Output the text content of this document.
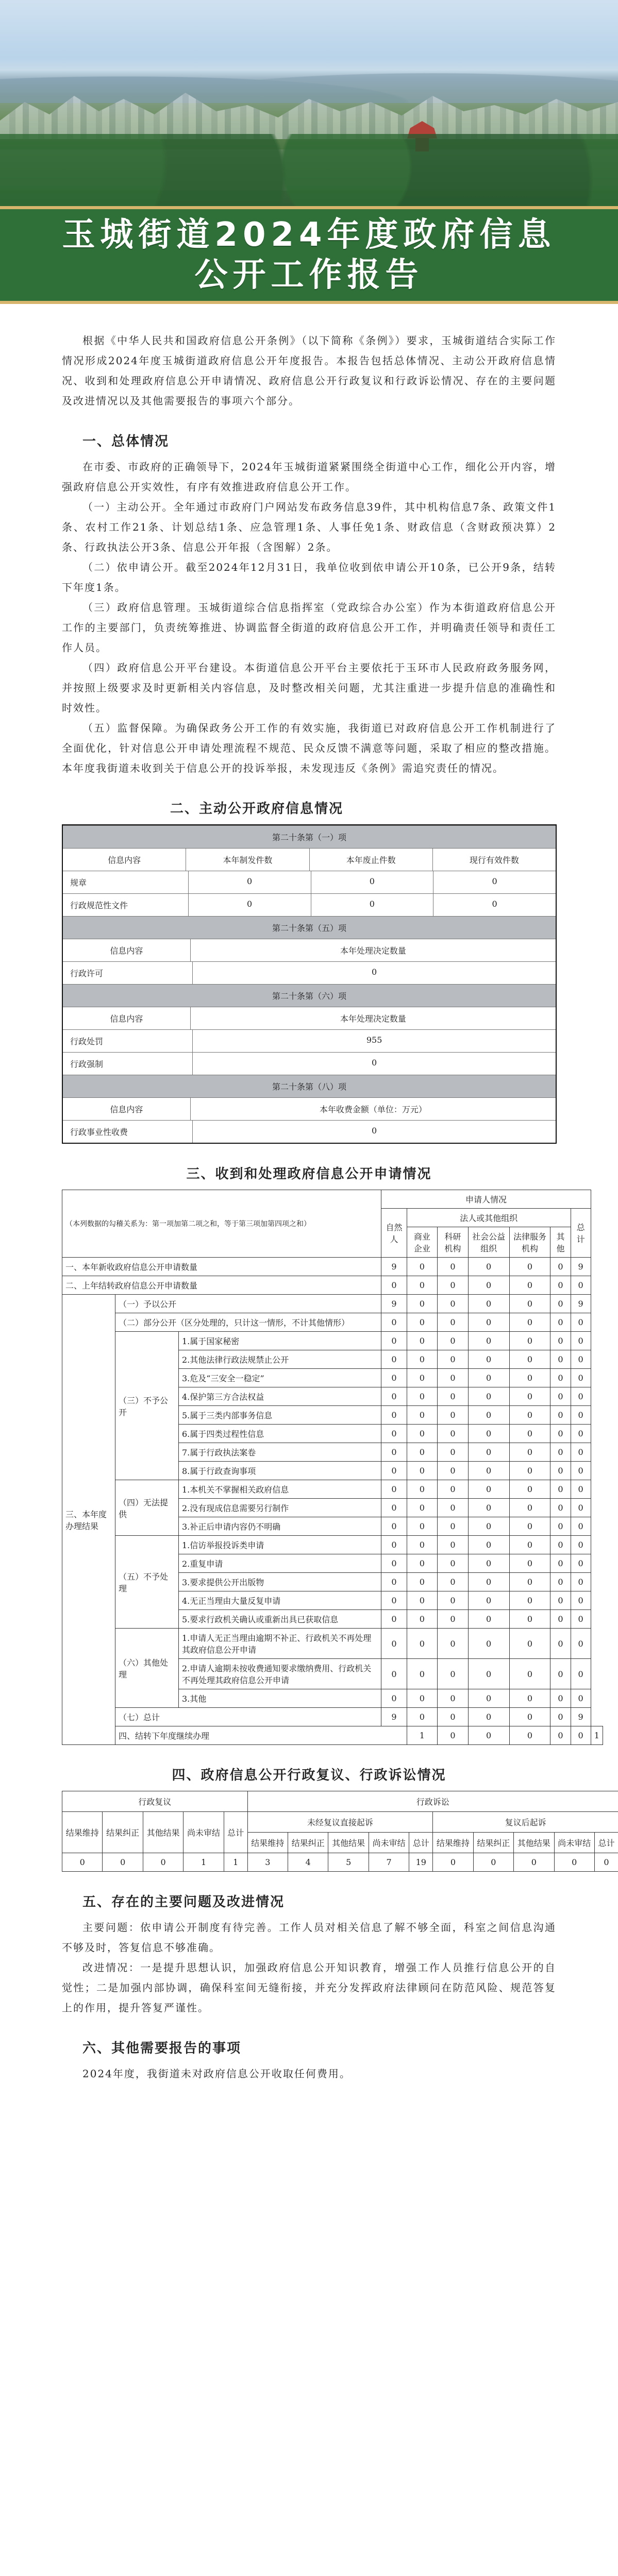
玉城街道2024年度政府信息
公开工作报告

根据《中华人民共和国政府信息公开条例》（以下简称《条例》）要求，玉城街道结合实际工作情况形成2024年度玉城街道政府信息公开年度报告。本报告包括总体情况、主动公开政府信息情况、收到和处理政府信息公开申请情况、政府信息公开行政复议和行政诉讼情况、存在的主要问题及改进情况以及其他需要报告的事项六个部分。

一、总体情况

在市委、市政府的正确领导下，2024年玉城街道紧紧围绕全街道中心工作，细化公开内容，增强政府信息公开实效性，有序有效推进政府信息公开工作。

（一）主动公开。全年通过市政府门户网站发布政务信息39件，其中机构信息7条、政策文件1条、农村工作21条、计划总结1条、应急管理1条、人事任免1条、财政信息（含财政预决算）2条、行政执法公开3条、信息公开年报（含图解）2条。

（二）依申请公开。截至2024年12月31日，我单位收到依申请公开10条，已公开9条，结转下年度1条。

（三）政府信息管理。玉城街道综合信息指挥室（党政综合办公室）作为本街道政府信息公开工作的主要部门，负责统筹推进、协调监督全街道的政府信息公开工作，并明确责任领导和责任工作人员。

（四）政府信息公开平台建设。本街道信息公开平台主要依托于玉环市人民政府政务服务网，并按照上级要求及时更新相关内容信息，及时整改相关问题，尤其注重进一步提升信息的准确性和时效性。

（五）监督保障。为确保政务公开工作的有效实施，我街道已对政府信息公开工作机制进行了全面优化，针对信息公开申请处理流程不规范、民众反馈不满意等问题，采取了相应的整改措施。本年度我街道未收到关于信息公开的投诉举报，未发现违反《条例》需追究责任的情况。

二、主动公开政府信息情况
第二十条第（一）项
信息内容	本年制发件数	本年废止件数	现行有效件数
规章	0	0	0
行政规范性文件	0	0	0
第二十条第（五）项
信息内容	本年处理决定数量
行政许可	0
第二十条第（六）项
信息内容	本年处理决定数量
行政处罚	955
行政强制	0
第二十条第（八）项
信息内容	本年收费金额（单位：万元）
行政事业性收费	0
三、收到和处理政府信息公开申请情况
（本列数据的勾稽关系为：第一项加第二项之和，等于第三项加第四项之和）			申请人情况							
			自然人	法人或其他组织					总计	
				商业企业	科研机构	社会公益组织	法律服务机构	其他		
一、本年新收政府信息公开申请数量			9	0	0	0	0	0	9	
二、上年结转政府信息公开申请数量			0	0	0	0	0	0	0	
三、本年度办理结果	（一）予以公开		9	0	0	0	0	0	9	
	（二）部分公开（区分处理的，只计这一情形，不计其他情形）		0	0	0	0	0	0	0	
	（三）不予公开	1.属于国家秘密	0	0	0	0	0	0	0	
		2.其他法律行政法规禁止公开	0	0	0	0	0	0	0	
		3.危及“三安全一稳定”	0	0	0	0	0	0	0	
		4.保护第三方合法权益	0	0	0	0	0	0	0	
		5.属于三类内部事务信息	0	0	0	0	0	0	0	
		6.属于四类过程性信息	0	0	0	0	0	0	0	
		7.属于行政执法案卷	0	0	0	0	0	0	0	
		8.属于行政查询事项	0	0	0	0	0	0	0	
	（四）无法提供	1.本机关不掌握相关政府信息	0	0	0	0	0	0	0	
		2.没有现成信息需要另行制作	0	0	0	0	0	0	0	
		3.补正后申请内容仍不明确	0	0	0	0	0	0	0	
	（五）不予处理	1.信访举报投诉类申请	0	0	0	0	0	0	0	
		2.重复申请	0	0	0	0	0	0	0	
		3.要求提供公开出版物	0	0	0	0	0	0	0	
		4.无正当理由大量反复申请	0	0	0	0	0	0	0	
		5.要求行政机关确认或重新出具已获取信息	0	0	0	0	0	0	0	
	（六）其他处理	1.申请人无正当理由逾期不补正、行政机关不再处理其政府信息公开申请	0	0	0	0	0	0	0	
		2.申请人逾期未按收费通知要求缴纳费用、行政机关不再处理其政府信息公开申请	0	0	0	0	0	0	0	
		3.其他	0	0	0	0	0	0	0	
	（七）总计		9	0	0	0	0	0	9	
	四、结转下年度继续办理			1	0	0	0	0	0	1
四、政府信息公开行政复议、行政诉讼情况
行政复议					行政诉讼									
结果维持	结果纠正	其他结果	尚未审结	总计	未经复议直接起诉					复议后起诉				
					结果维持	结果纠正	其他结果	尚未审结	总计	结果维持	结果纠正	其他结果	尚未审结	总计
0	0	0	1	1	3	4	5	7	19	0	0	0	0	0
五、存在的主要问题及改进情况

主要问题：依申请公开制度有待完善。工作人员对相关信息了解不够全面，科室之间信息沟通不够及时，答复信息不够准确。

改进情况：一是提升思想认识，加强政府信息公开知识教育，增强工作人员推行信息公开的自觉性；二是加强内部协调，确保科室间无缝衔接，并充分发挥政府法律顾问在防范风险、规范答复上的作用，提升答复严谨性。

六、其他需要报告的事项

2024年度，我街道未对政府信息公开收取任何费用。
